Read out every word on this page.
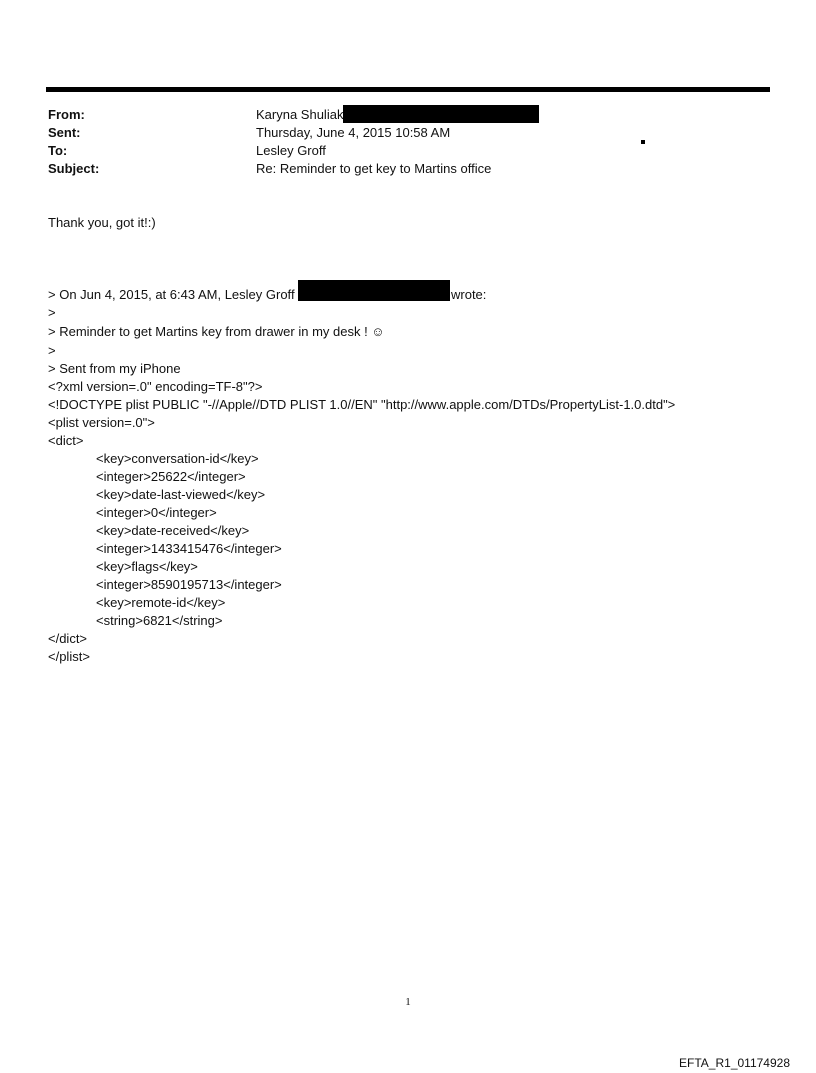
From:	Karyna Shuliak
Sent:	Thursday, June 4, 2015 10:58 AM
To:	Lesley Groff
Subject:	Re: Reminder to get key to Martins office
Thank you, got it!:)
> On Jun 4, 2015, at 6:43 AM, Lesley Groff	wrote:
>
> Reminder to get Martins key from drawer in my desk ! ☺
>
> Sent from my iPhone
<?xml version=.0" encoding=TF-8"?>
<!DOCTYPE plist PUBLIC "-//Apple//DTD PLIST 1.0//EN" "http://www.apple.com/DTDs/PropertyList-1.0.dtd">
<plist version=.0">
<dict>
<key>conversation-id</key>
<integer>25622</integer>
<key>date-last-viewed</key>
<integer>0</integer>
<key>date-received</key>
<integer>1433415476</integer>
<key>flags</key>
<integer>8590195713</integer>
<key>remote-id</key>
<string>6821</string>
</dict>
</plist>
1
EFTA_R1_01174928
